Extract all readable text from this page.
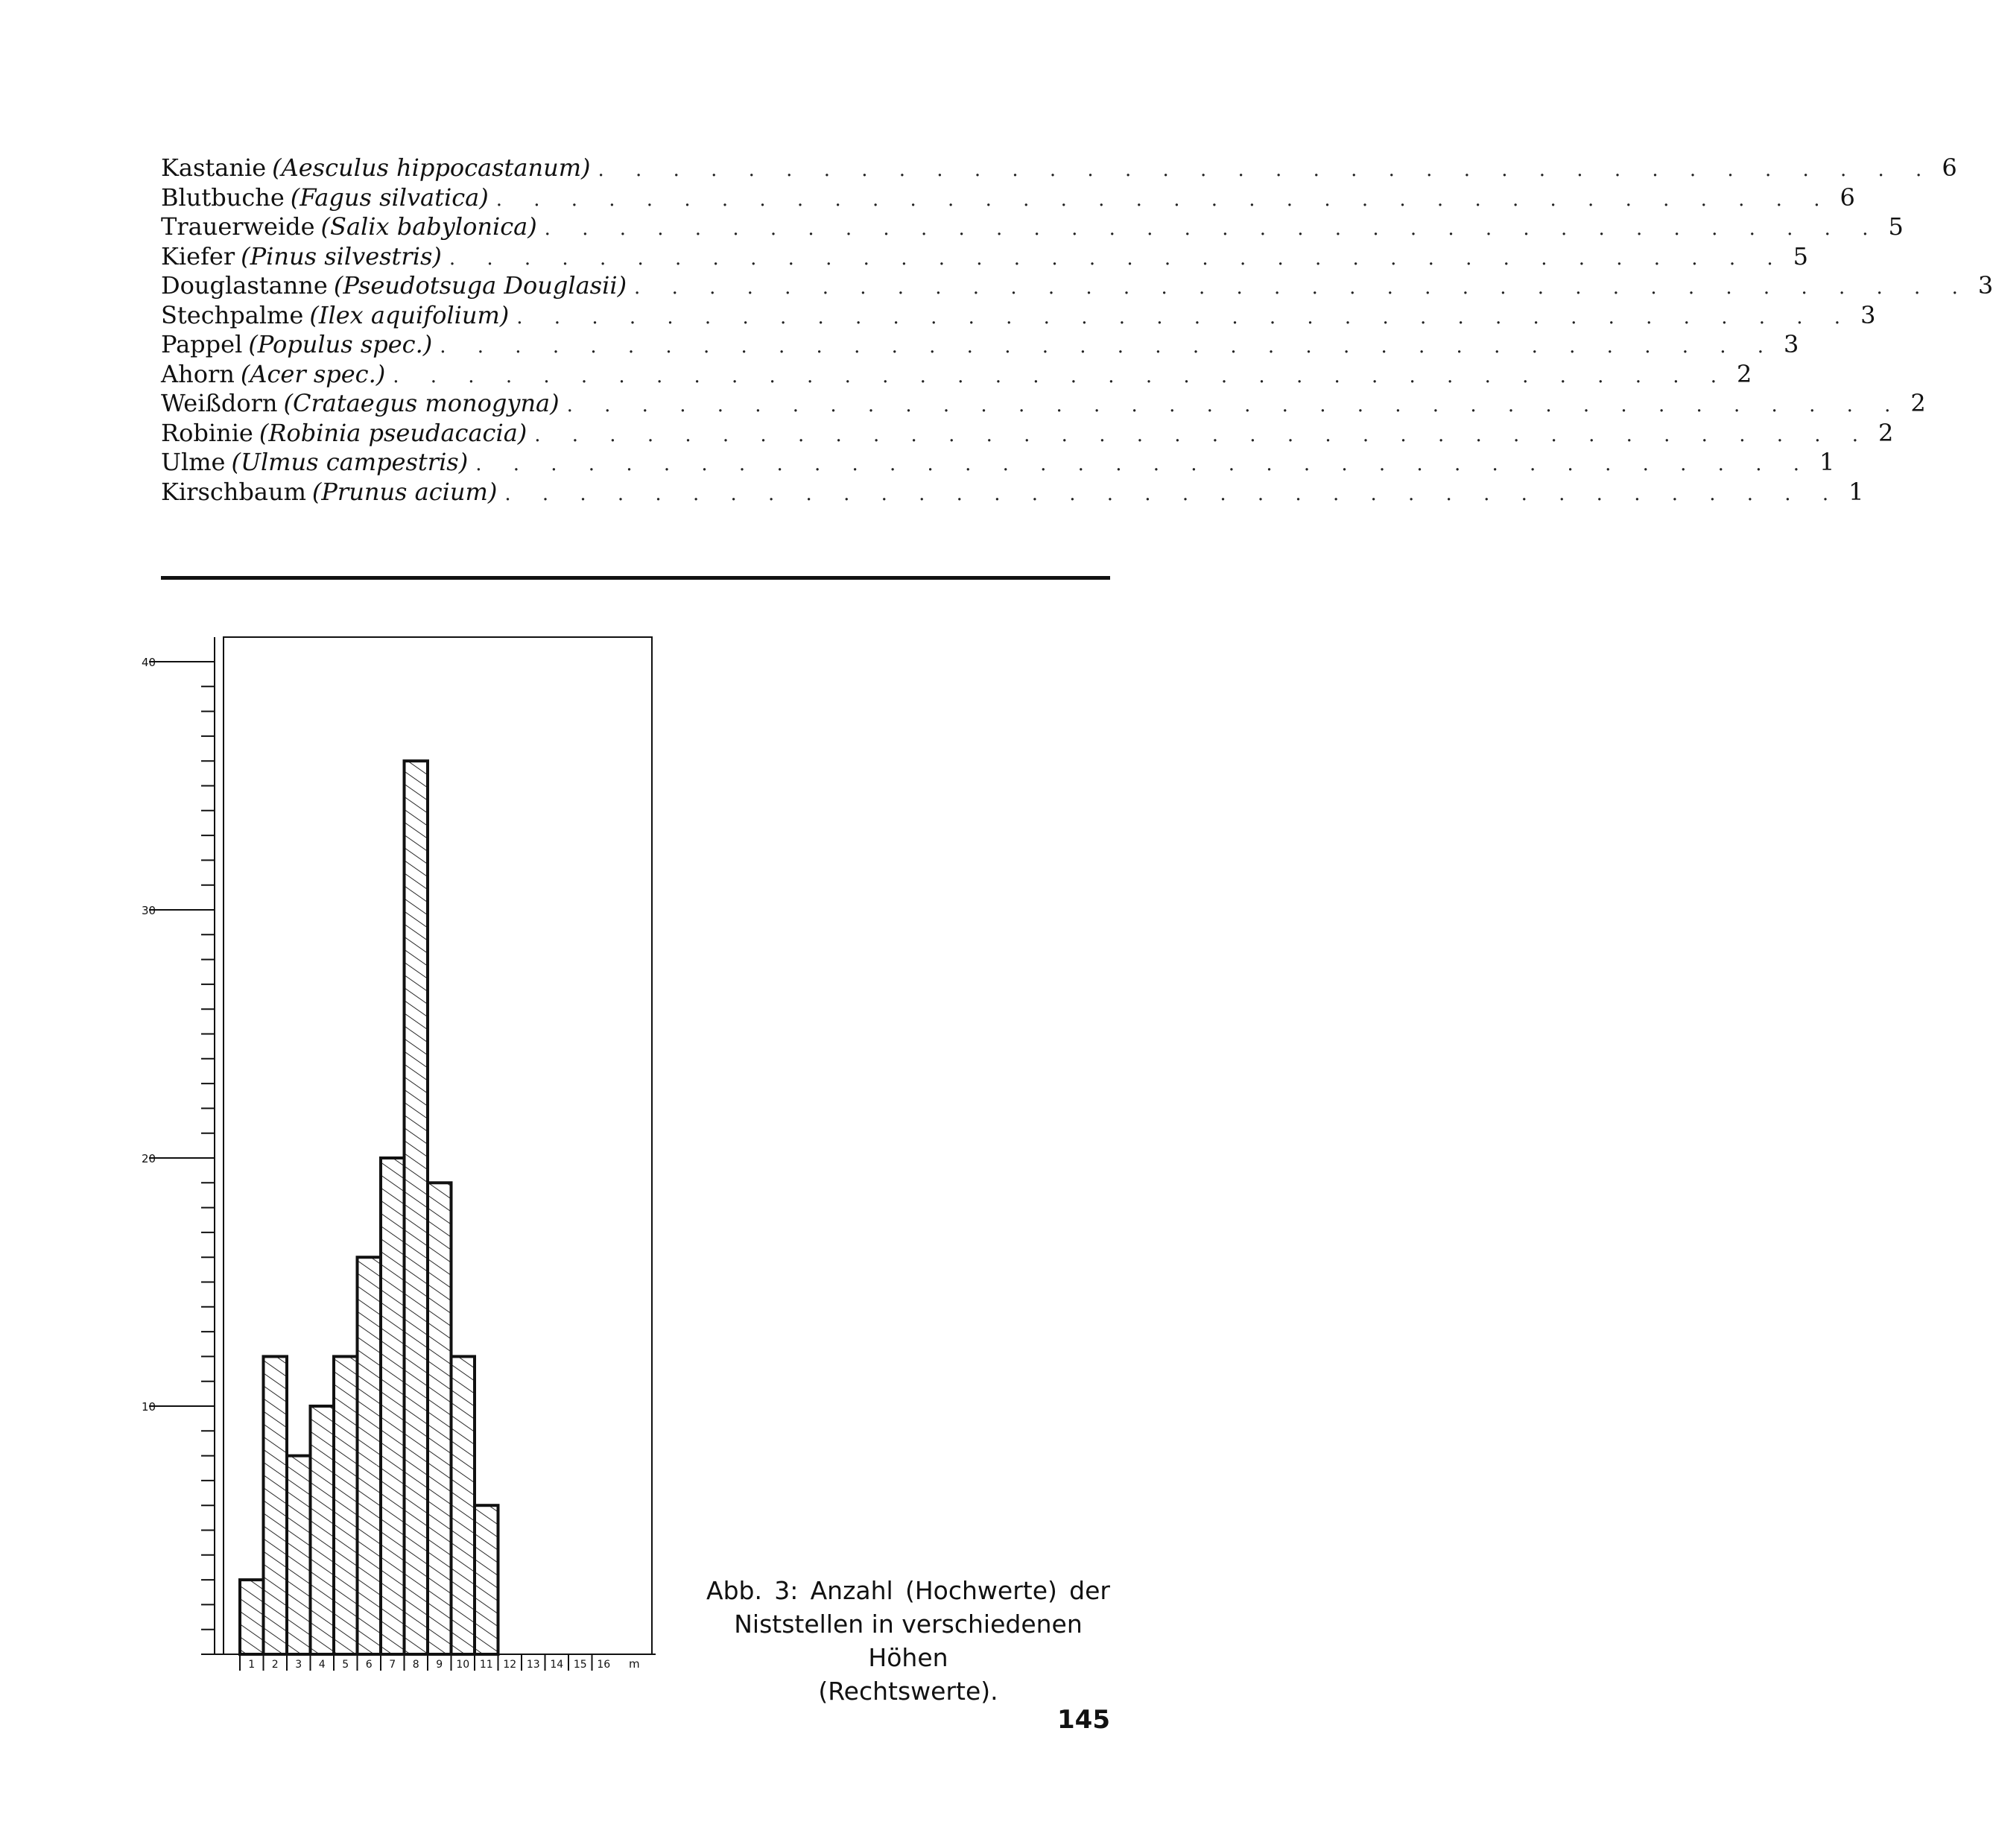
Kastanie (Aesculus hippocastanum) . . . . . . . . . . . . . . . . . . . . . . . . . . . . . . . . . . . . 6
Blutbuche (Fagus silvatica) . . . . . . . . . . . . . . . . . . . . . . . . . . . . . . . . . . . . 6
Trauerweide (Salix babylonica) . . . . . . . . . . . . . . . . . . . . . . . . . . . . . . . . . . . . 5
Kiefer (Pinus silvestris) . . . . . . . . . . . . . . . . . . . . . . . . . . . . . . . . . . . . 5
Douglastanne (Pseudotsuga Douglasii) . . . . . . . . . . . . . . . . . . . . . . . . . . . . . . . . . . . . 3
Stechpalme (Ilex aquifolium) . . . . . . . . . . . . . . . . . . . . . . . . . . . . . . . . . . . . 3
Pappel (Populus spec.) . . . . . . . . . . . . . . . . . . . . . . . . . . . . . . . . . . . . 3
Ahorn (Acer spec.) . . . . . . . . . . . . . . . . . . . . . . . . . . . . . . . . . . . . 2
Weißdorn (Crataegus monogyna) . . . . . . . . . . . . . . . . . . . . . . . . . . . . . . . . . . . . 2
Robinie (Robinia pseudacacia) . . . . . . . . . . . . . . . . . . . . . . . . . . . . . . . . . . . . 2
Ulme (Ulmus campestris) . . . . . . . . . . . . . . . . . . . . . . . . . . . . . . . . . . . . 1
Kirschbaum (Prunus acium) . . . . . . . . . . . . . . . . . . . . . . . . . . . . . . . . . . . . 1
10
20
30
40
1 2 3 4 5 6 7 8 9 10 11 12 13 14 15 16 m
Abb. 3: Anzahl (Hochwerte) der
Niststellen in verschiedenen Höhen
(Rechtswerte).
145
